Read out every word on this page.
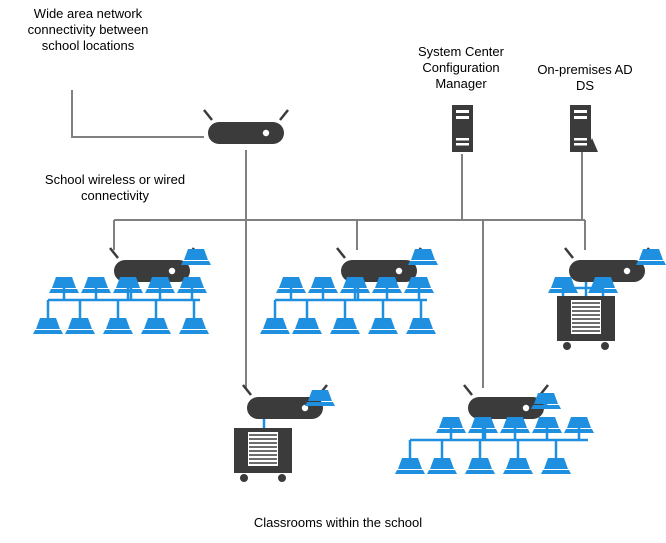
Wide area network connectivity between school locations	System Center Configuration Manager
On-premises AD DS
School wireless or wired connectivity
Classrooms within the school
